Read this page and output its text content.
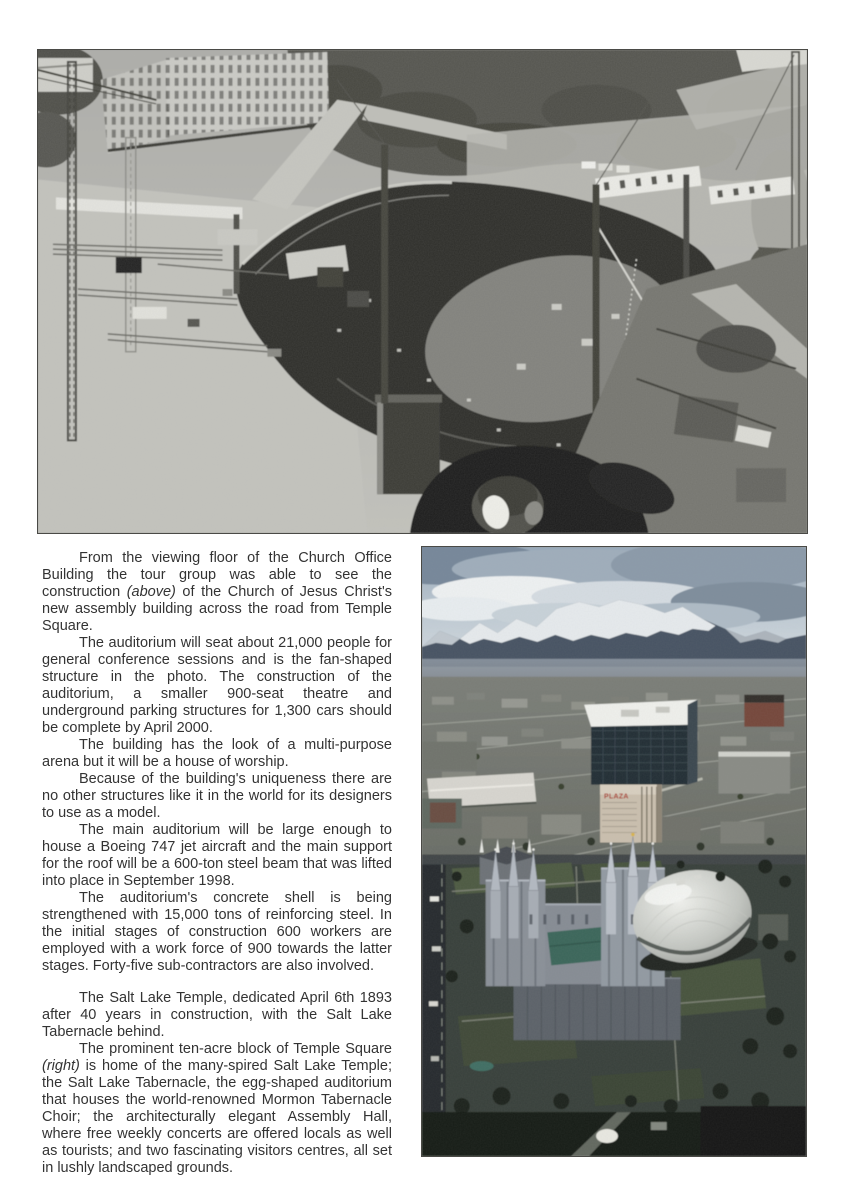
From the viewing floor of the Church Office Building the tour group was able to see the construction (above) of the Church of Jesus Christ's new assembly building across the road from Temple Square.

The auditorium will seat about 21,000 people for general conference sessions and is the fan-shaped structure in the photo. The construction of the auditorium, a smaller 900-seat theatre and underground parking structures for 1,300 cars should be complete by April 2000.

The building has the look of a multi-purpose arena but it will be a house of worship.

Because of the building's uniqueness there are no other structures like it in the world for its designers to use as a model.

The main auditorium will be large enough to house a Boeing 747 jet aircraft and the main support for the roof will be a 600-ton steel beam that was lifted into place in September 1998.

The auditorium's concrete shell is being strengthened with 15,000 tons of reinforcing steel. In the initial stages of construction 600 workers are employed with a work force of 900 towards the latter stages. Forty-five sub-contractors are also involved.

The Salt Lake Temple, dedicated April 6th 1893 after 40 years in construction, with the Salt Lake Tabernacle behind.

The prominent ten-acre block of Temple Square (right) is home of the many-spired Salt Lake Temple; the Salt Lake Tabernacle, the egg-shaped auditorium that houses the world-renowned Mormon Tabernacle Choir; the architecturally elegant Assembly Hall, where free weekly concerts are offered locals as well as tourists; and two fascinating visitors centres, all set in lushly landscaped grounds.

PLAZA
